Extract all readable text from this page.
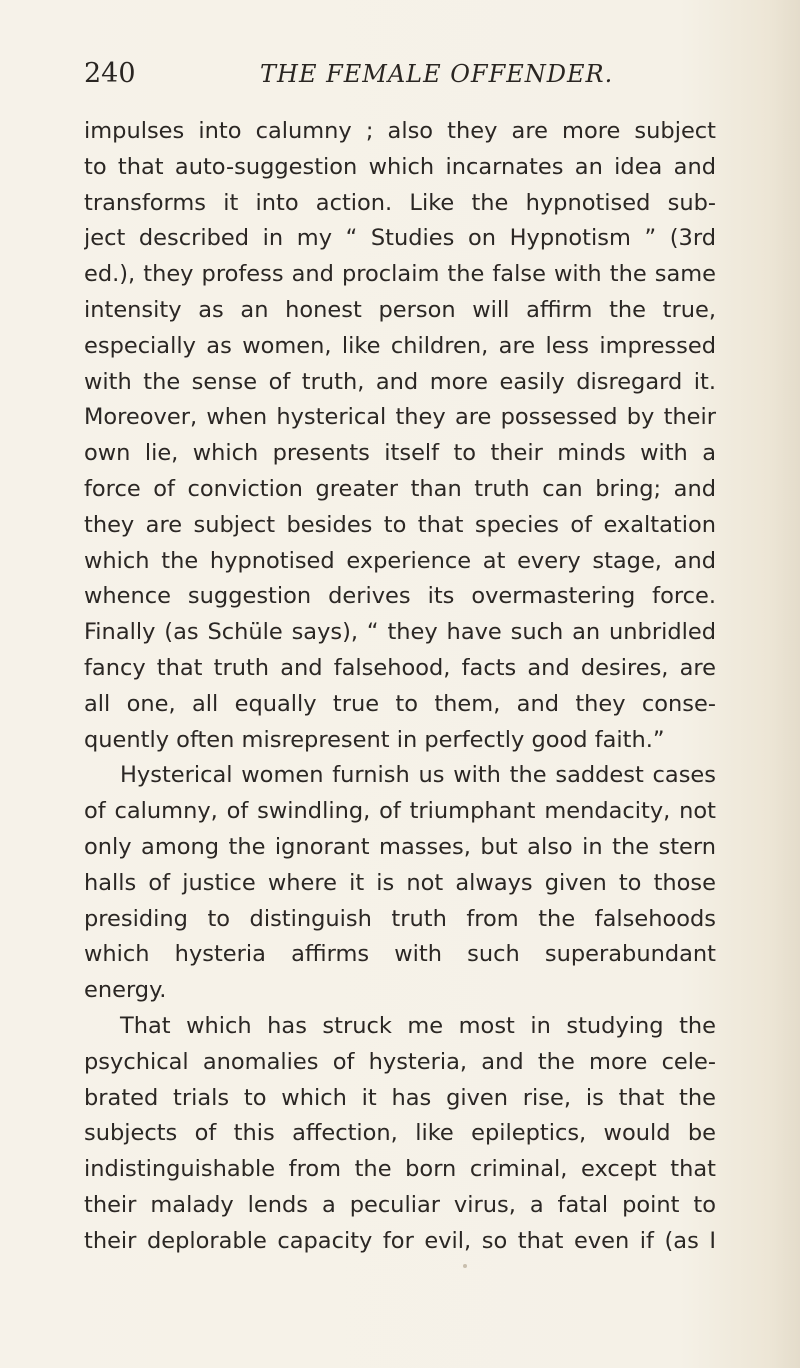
240	THE FEMALE OFFENDER.
impulses into calumny ; also they are more subject
to that auto-suggestion which incarnates an idea and
transforms it into action. Like the hypnotised sub-
ject described in my “ Studies on Hypnotism ” (3rd
ed.), they profess and proclaim the false with the same
intensity as an honest person will affirm the true,
especially as women, like children, are less impressed
with the sense of truth, and more easily disregard it.
Moreover, when hysterical they are possessed by their
own lie, which presents itself to their minds with a
force of conviction greater than truth can bring; and
they are subject besides to that species of exaltation
which the hypnotised experience at every stage, and
whence suggestion derives its overmastering force.
Finally (as Schüle says), “ they have such an unbridled
fancy that truth and falsehood, facts and desires, are
all one, all equally true to them, and they conse-
quently often misrepresent in perfectly good faith.”
Hysterical women furnish us with the saddest cases
of calumny, of swindling, of triumphant mendacity, not
only among the ignorant masses, but also in the stern
halls of justice where it is not always given to those
presiding to distinguish truth from the falsehoods
which hysteria affirms with such superabundant
energy.
That which has struck me most in studying the
psychical anomalies of hysteria, and the more cele-
brated trials to which it has given rise, is that the
subjects of this affection, like epileptics, would be
indistinguishable from the born criminal, except that
their malady lends a peculiar virus, a fatal point to
their deplorable capacity for evil, so that even if (as I
